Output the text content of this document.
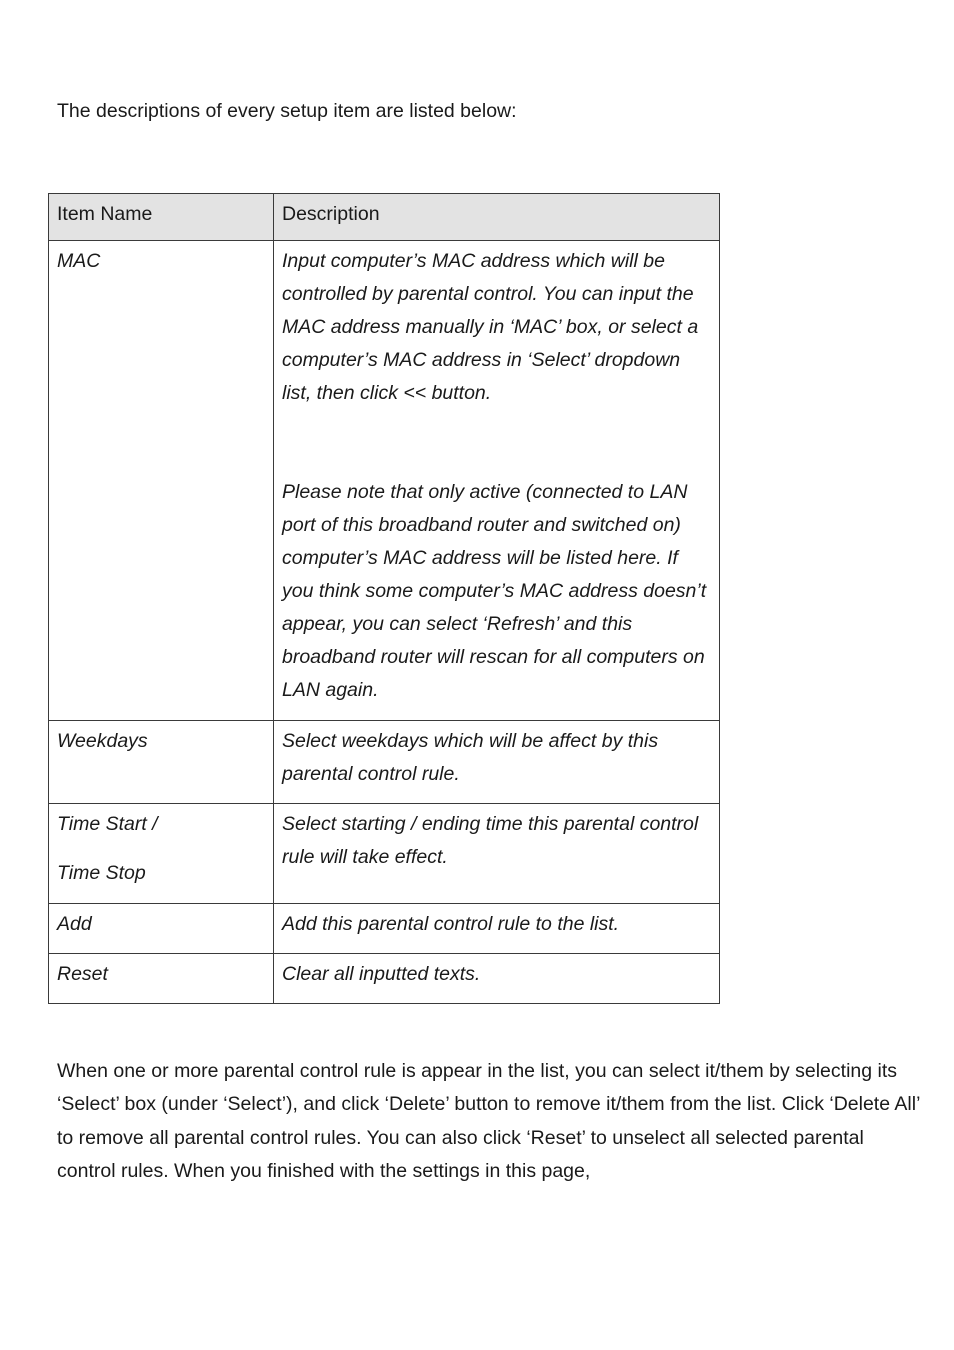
The descriptions of every setup item are listed below:

Item Name	Description
MAC	Input computer’s MAC address which will be controlled by parental control. You can input the MAC address manually in ‘MAC’ box, or select a computer’s MAC address in ‘Select’ dropdown list, then click << button.

Please note that only active (connected to LAN port of this broadband router and switched on) computer’s MAC address will be listed here. If you think some computer’s MAC address doesn’t appear, you can select ‘Refresh’ and this broadband router will rescan for all computers on LAN again.

Weekdays	Select weekdays which will be affect by this parental control rule.

Time Start /
Time Stop	Select starting / ending time this parental control rule will take effect.
Add	Add this parental control rule to the list.
Reset	Clear all inputted texts.

When one or more parental control rule is appear in the list, you can select it/them by selecting its ‘Select’ box (under ‘Select’), and click ‘Delete’ button to remove it/them from the list. Click ‘Delete All’ to remove all parental control rules. You can also click ‘Reset’ to unselect all selected parental control rules. When you finished with the settings in this page,
